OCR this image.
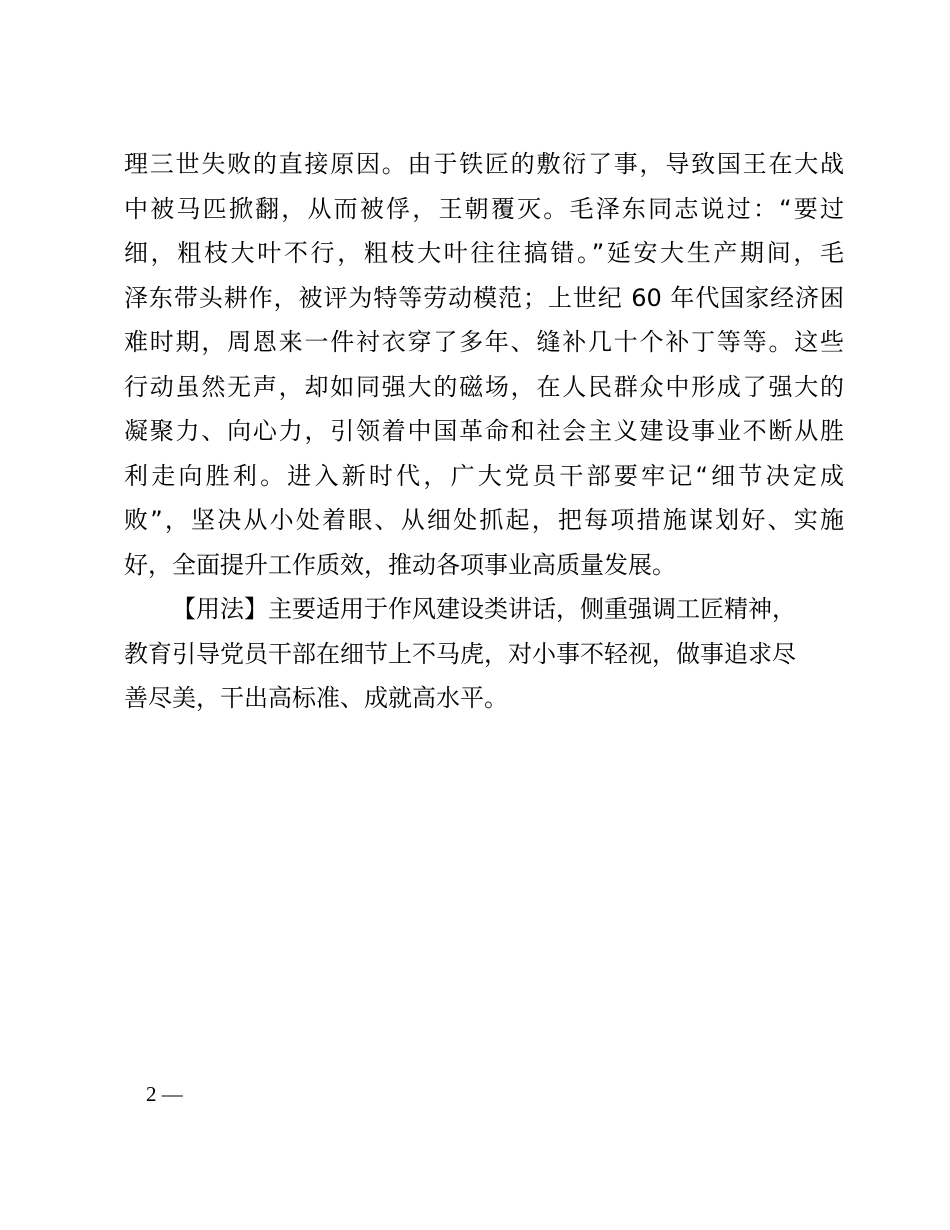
理三世失败的直接原因。由于铁匠的敷衍了事，导致国王在大战
中被马匹掀翻，从而被俘，王朝覆灭。毛泽东同志说过：“要过
细，粗枝大叶不行，粗枝大叶往往搞错。”延安大生产期间，毛
泽东带头耕作，被评为特等劳动模范；上世纪 60 年代国家经济困
难时期，周恩来一件衬衣穿了多年、缝补几十个补丁等等。这些
行动虽然无声，却如同强大的磁场，在人民群众中形成了强大的
凝聚力、向心力，引领着中国革命和社会主义建设事业不断从胜
利走向胜利。进入新时代，广大党员干部要牢记“细节决定成
败”，坚决从小处着眼、从细处抓起，把每项措施谋划好、实施
好，全面提升工作质效，推动各项事业高质量发展。
【用法】主要适用于作风建设类讲话，侧重强调工匠精神，
教育引导党员干部在细节上不马虎，对小事不轻视，做事追求尽
善尽美，干出高标准、成就高水平。
2 —
